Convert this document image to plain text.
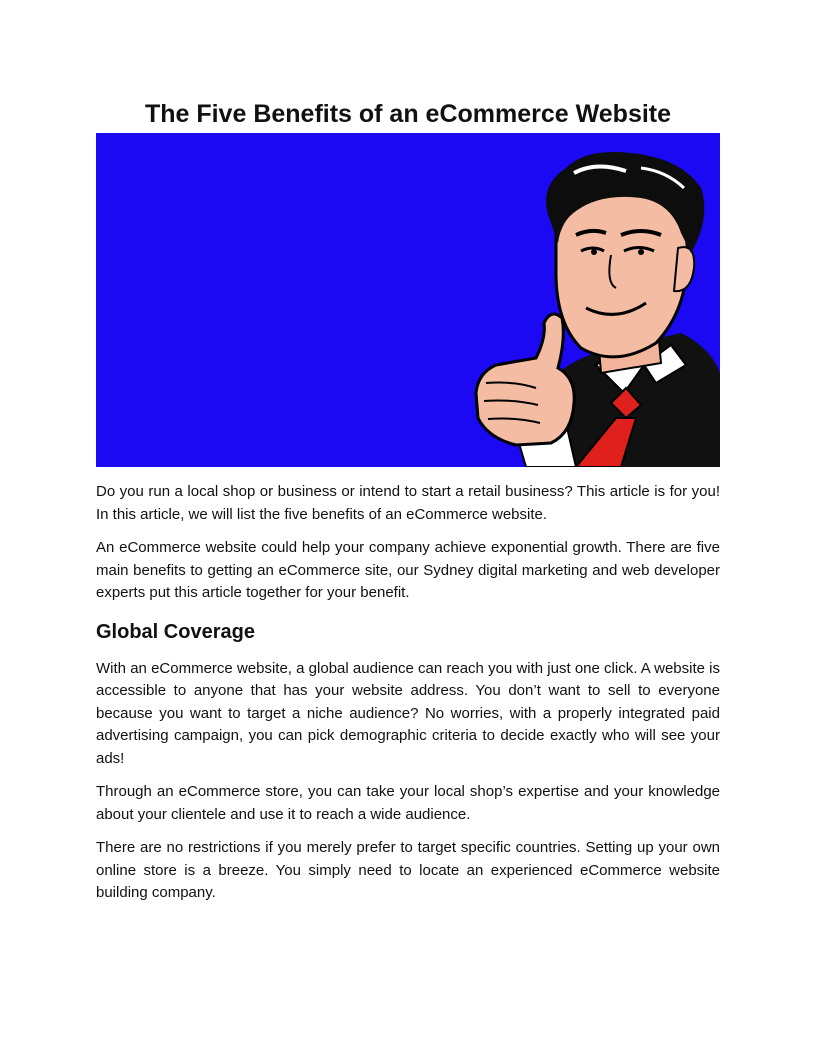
The Five Benefits of an eCommerce Website

Do you run a local shop or business or intend to start a retail business? This article is for you! In this article, we will list the five benefits of an eCommerce website.

An eCommerce website could help your company achieve exponential growth. There are five main benefits to getting an eCommerce site, our Sydney digital marketing and web developer experts put this article together for your benefit.

Global Coverage

With an eCommerce website, a global audience can reach you with just one click. A website is accessible to anyone that has your website address. You don’t want to sell to everyone because you want to target a niche audience? No worries, with a properly integrated paid advertising campaign, you can pick demographic criteria to decide exactly who will see your ads!

Through an eCommerce store, you can take your local shop’s expertise and your knowledge about your clientele and use it to reach a wide audience.

There are no restrictions if you merely prefer to target specific countries. Setting up your own online store is a breeze. You simply need to locate an experienced eCommerce website building company.
